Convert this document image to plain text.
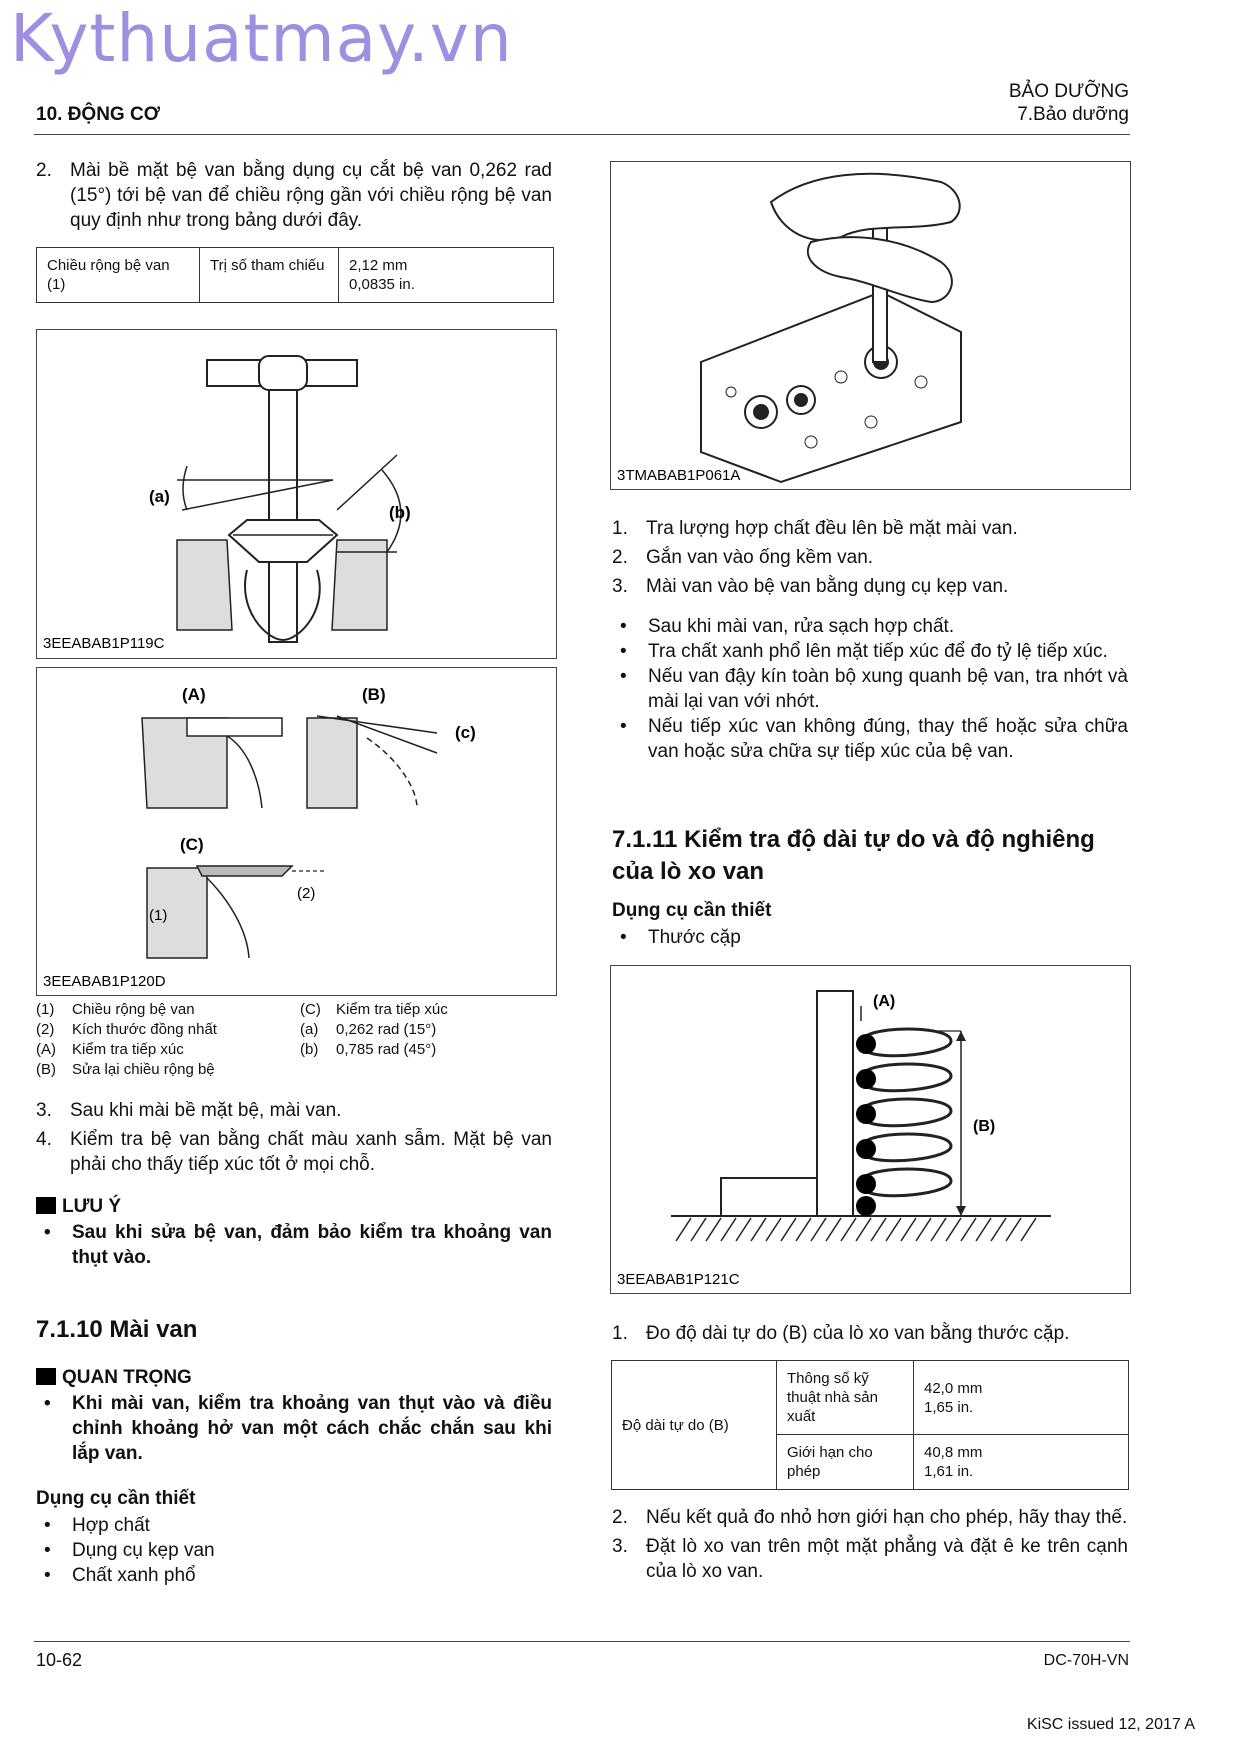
Kythuatmay.vn
10. ĐỘNG CƠ
BẢO DƯỠNG
7.Bảo dưỡng
2. Mài bề mặt bệ van bằng dụng cụ cắt bệ van 0,262 rad (15°) tới bệ van để chiều rộng gần với chiều rộng bệ van quy định như trong bảng dưới đây.
Chiều rộng bệ van (1)	Trị số tham chiếu	2,12 mm
0,0835 in.
(a)
(b)
3EEABAB1P119C
(A)	(B)
(c)
(C)
(2)
(1)
3EEABAB1P120D
(1) Chiều rộng bệ van
(2) Kích thước đồng nhất
(A) Kiểm tra tiếp xúc
(B) Sửa lại chiều rộng bệ
(C) Kiểm tra tiếp xúc
(a) 0,262 rad (15°)
(b) 0,785 rad (45°)
3. Sau khi mài bề mặt bệ, mài van.
4. Kiểm tra bệ van bằng chất màu xanh sẫm. Mặt bệ van phải cho thấy tiếp xúc tốt ở mọi chỗ.
LƯU Ý
• Sau khi sửa bệ van, đảm bảo kiểm tra khoảng van thụt vào.
7.1.10 Mài van
QUAN TRỌNG
• Khi mài van, kiểm tra khoảng van thụt vào và điều chỉnh khoảng hở van một cách chắc chắn sau khi lắp van.
Dụng cụ cần thiết
• Hợp chất
• Dụng cụ kẹp van
• Chất xanh phổ
3TMABAB1P061A
1. Tra lượng hợp chất đều lên bề mặt mài van.
2. Gắn van vào ống kềm van.
3. Mài van vào bệ van bằng dụng cụ kẹp van.
• Sau khi mài van, rửa sạch hợp chất.
• Tra chất xanh phổ lên mặt tiếp xúc để đo tỷ lệ tiếp xúc.
• Nếu van đậy kín toàn bộ xung quanh bệ van, tra nhớt và mài lại van với nhớt.
• Nếu tiếp xúc van không đúng, thay thế hoặc sửa chữa van hoặc sửa chữa sự tiếp xúc của bệ van.
7.1.11 Kiểm tra độ dài tự do và độ nghiêng của lò xo van
Dụng cụ cần thiết
• Thước cặp
(A)
(B)
3EEABAB1P121C
1. Đo độ dài tự do (B) của lò xo van bằng thước cặp.
Độ dài tự do (B)	Thông số kỹ thuật nhà sản xuất	42,0 mm
1,65 in.

	Giới hạn cho phép	40,8 mm
1,61 in.
2. Nếu kết quả đo nhỏ hơn giới hạn cho phép, hãy thay thế.
3. Đặt lò xo van trên một mặt phẳng và đặt ê ke trên cạnh của lò xo van.
10-62	DC-70H-VN
KiSC issued 12, 2017 A
